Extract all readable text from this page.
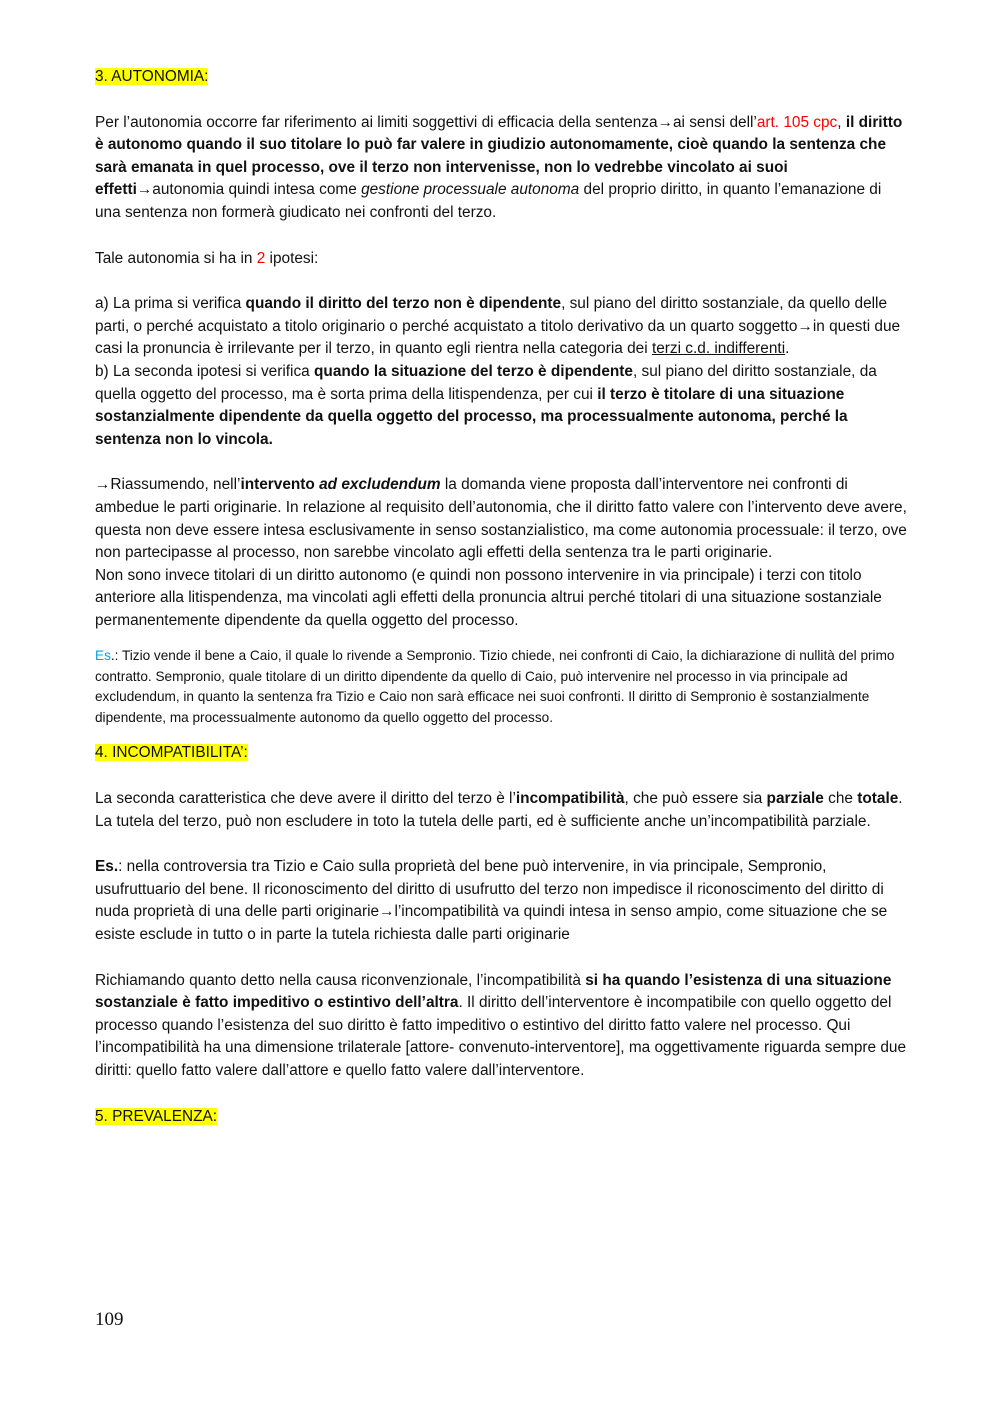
3. AUTONOMIA:

Per l’autonomia occorre far riferimento ai limiti soggettivi di efficacia della sentenza→ai sensi dell’art. 105 cpc, il diritto è autonomo quando il suo titolare lo può far valere in giudizio autonomamente, cioè quando la sentenza che sarà emanata in quel processo, ove il terzo non intervenisse, non lo vedrebbe vincolato ai suoi effetti→autonomia quindi intesa come gestione processuale autonoma del proprio diritto, in quanto l’emanazione di una sentenza non formerà giudicato nei confronti del terzo.

Tale autonomia si ha in 2 ipotesi:

a) La prima si verifica quando il diritto del terzo non è dipendente, sul piano del diritto sostanziale, da quello delle parti, o perché acquistato a titolo originario o perché acquistato a titolo derivativo da un quarto soggetto→in questi due casi la pronuncia è irrilevante per il terzo, in quanto egli rientra nella categoria dei terzi c.d. indifferenti.

b) La seconda ipotesi si verifica quando la situazione del terzo è dipendente, sul piano del diritto sostanziale, da quella oggetto del processo, ma è sorta prima della litispendenza, per cui il terzo è titolare di una situazione sostanzialmente dipendente da quella oggetto del processo, ma processualmente autonoma, perché la sentenza non lo vincola.

→Riassumendo, nell’intervento ad excludendum la domanda viene proposta dall’interventore nei confronti di ambedue le parti originarie. In relazione al requisito dell’autonomia, che il diritto fatto valere con l’intervento deve avere, questa non deve essere intesa esclusivamente in senso sostanzialistico, ma come autonomia processuale: il terzo, ove non partecipasse al processo, non sarebbe vincolato agli effetti della sentenza tra le parti originarie.

Non sono invece titolari di un diritto autonomo (e quindi non possono intervenire in via principale) i terzi con titolo anteriore alla litispendenza, ma vincolati agli effetti della pronuncia altrui perché titolari di una situazione sostanziale permanentemente dipendente da quella oggetto del processo.

Es.: Tizio vende il bene a Caio, il quale lo rivende a Sempronio. Tizio chiede, nei confronti di Caio, la dichiarazione di nullità del primo contratto. Sempronio, quale titolare di un diritto dipendente da quello di Caio, può intervenire nel processo in via principale ad excludendum, in quanto la sentenza fra Tizio e Caio non sarà efficace nei suoi confronti. Il diritto di Sempronio è sostanzialmente dipendente, ma processualmente autonomo da quello oggetto del processo.

4. INCOMPATIBILITA’:

La seconda caratteristica che deve avere il diritto del terzo è l’incompatibilità, che può essere sia parziale che totale. La tutela del terzo, può non escludere in toto la tutela delle parti, ed è sufficiente anche un’incompatibilità parziale.

Es.: nella controversia tra Tizio e Caio sulla proprietà del bene può intervenire, in via principale, Sempronio, usufruttuario del bene. Il riconoscimento del diritto di usufrutto del terzo non impedisce il riconoscimento del diritto di nuda proprietà di una delle parti originarie→l’incompatibilità va quindi intesa in senso ampio, come situazione che se esiste esclude in tutto o in parte la tutela richiesta dalle parti originarie

Richiamando quanto detto nella causa riconvenzionale, l’incompatibilità si ha quando l’esistenza di una situazione sostanziale è fatto impeditivo o estintivo dell’altra. Il diritto dell’interventore è incompatibile con quello oggetto del processo quando l’esistenza del suo diritto è fatto impeditivo o estintivo del diritto fatto valere nel processo. Qui l’incompatibilità ha una dimensione trilaterale [attore- convenuto-interventore], ma oggettivamente riguarda sempre due diritti: quello fatto valere dall’attore e quello fatto valere dall’interventore.

5. PREVALENZA:

109
